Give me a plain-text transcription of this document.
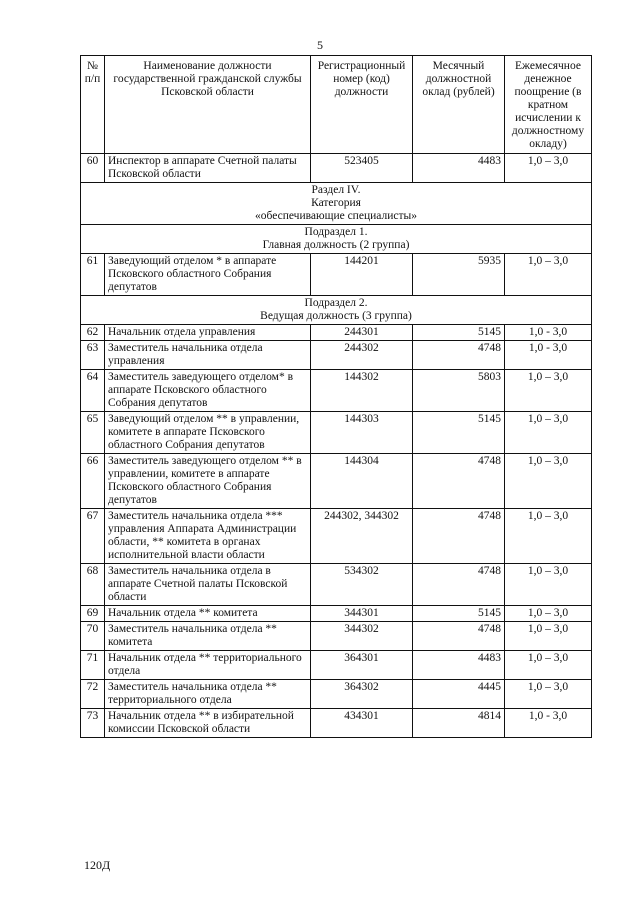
5
№ п/п	Наименование должности государственной гражданской службы Псковской области	Регистрационный номер (код) должности	Месячный должностной оклад (рублей)	Ежемесячное денежное поощрение (в кратном исчислении к должностному окладу)
60	Инспектор в аппарате Счетной палаты Псковской области	523405	4483	1,0 – 3,0

Раздел IV.
Категория
«обеспечивающие специалисты»				

Подраздел 1.
Главная должность (2 группа)				

61	Заведующий отделом * в аппарате Псковского областного Собрания депутатов	144201	5935	1,0 – 3,0

Подраздел 2.
Ведущая должность (3 группа)				

62	Начальник отдела управления	244301	5145	1,0 - 3,0
63	Заместитель начальника отдела управления	244302	4748	1,0 - 3,0
64	Заместитель заведующего отделом* в аппарате Псковского областного Собрания депутатов	144302	5803	1,0 – 3,0
65	Заведующий отделом ** в управлении, комитете в аппарате Псковского областного Собрания депутатов	144303	5145	1,0 – 3,0
66	Заместитель заведующего отделом ** в управлении, комитете в аппарате Псковского областного Собрания депутатов	144304	4748	1,0 – 3,0
67	Заместитель начальника отдела *** управления Аппарата Администрации области, ** комитета в органах исполнительной власти области	244302, 344302	4748	1,0 – 3,0
68	Заместитель начальника отдела в аппарате Счетной палаты Псковской области	534302	4748	1,0 – 3,0
69	Начальник отдела ** комитета	344301	5145	1,0 – 3,0
70	Заместитель начальника отдела ** комитета	344302	4748	1,0 – 3,0
71	Начальник отдела ** территориального отдела	364301	4483	1,0 – 3,0
72	Заместитель начальника отдела ** территориального отдела	364302	4445	1,0 – 3,0
73	Начальник отдела ** в избирательной комиссии Псковской области	434301	4814	1,0 - 3,0
120Д
